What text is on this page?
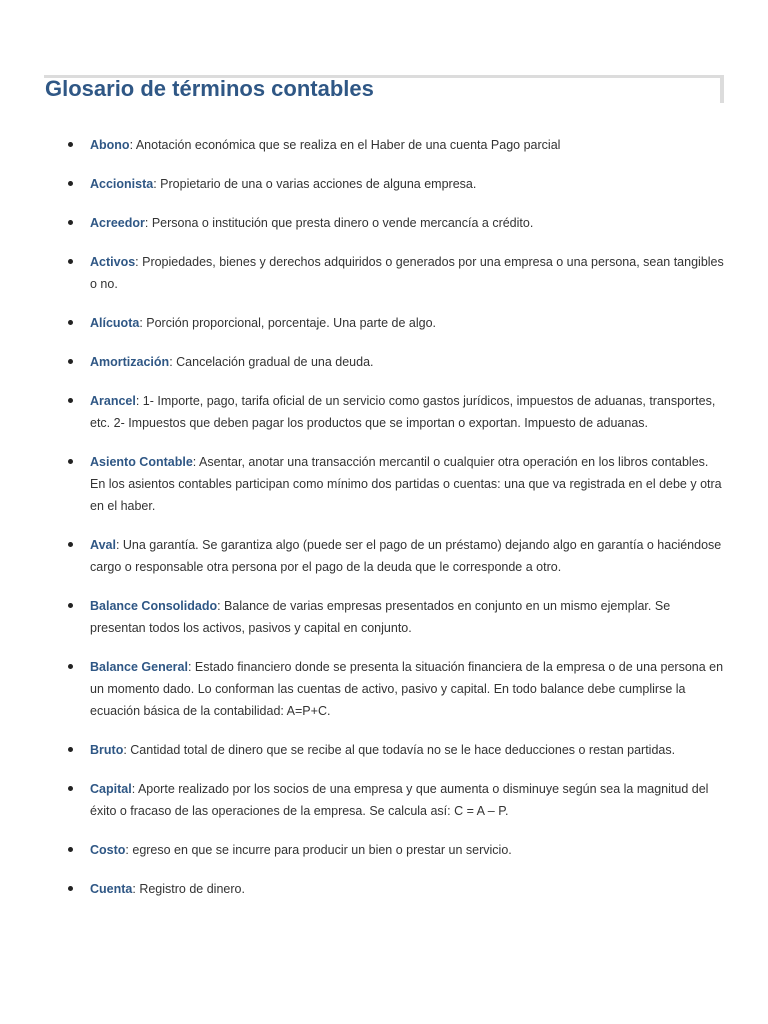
Glosario de términos contables
Abono: Anotación económica que se realiza en el Haber de una cuenta Pago parcial
Accionista: Propietario de una o varias acciones de alguna empresa.
Acreedor: Persona o institución que presta dinero o vende mercancía a crédito.
Activos: Propiedades, bienes y derechos adquiridos o generados por una empresa o una persona, sean tangibles o no.
Alícuota: Porción proporcional, porcentaje. Una parte de algo.
Amortización: Cancelación gradual de una deuda.
Arancel: 1- Importe, pago, tarifa oficial de un servicio como gastos jurídicos, impuestos de aduanas, transportes, etc. 2- Impuestos que deben pagar los productos que se importan o exportan. Impuesto de aduanas.
Asiento Contable: Asentar, anotar una transacción mercantil o cualquier otra operación en los libros contables. En los asientos contables participan como mínimo dos partidas o cuentas: una que va registrada en el debe y otra en el haber.
Aval: Una garantía. Se garantiza algo (puede ser el pago de un préstamo) dejando algo en garantía o haciéndose cargo o responsable otra persona por el pago de la deuda que le corresponde a otro.
Balance Consolidado: Balance de varias empresas presentados en conjunto en un mismo ejemplar. Se presentan todos los activos, pasivos y capital en conjunto.
Balance General: Estado financiero donde se presenta la situación financiera de la empresa o de una persona en un momento dado. Lo conforman las cuentas de activo, pasivo y capital. En todo balance debe cumplirse la ecuación básica de la contabilidad: A=P+C.
Bruto: Cantidad total de dinero que se recibe al que todavía no se le hace deducciones o restan partidas.
Capital: Aporte realizado por los socios de una empresa y que aumenta o disminuye según sea la magnitud del éxito o fracaso de las operaciones de la empresa. Se calcula así: C = A – P.
Costo: egreso en que se incurre para producir un bien o prestar un servicio.
Cuenta: Registro de dinero.
